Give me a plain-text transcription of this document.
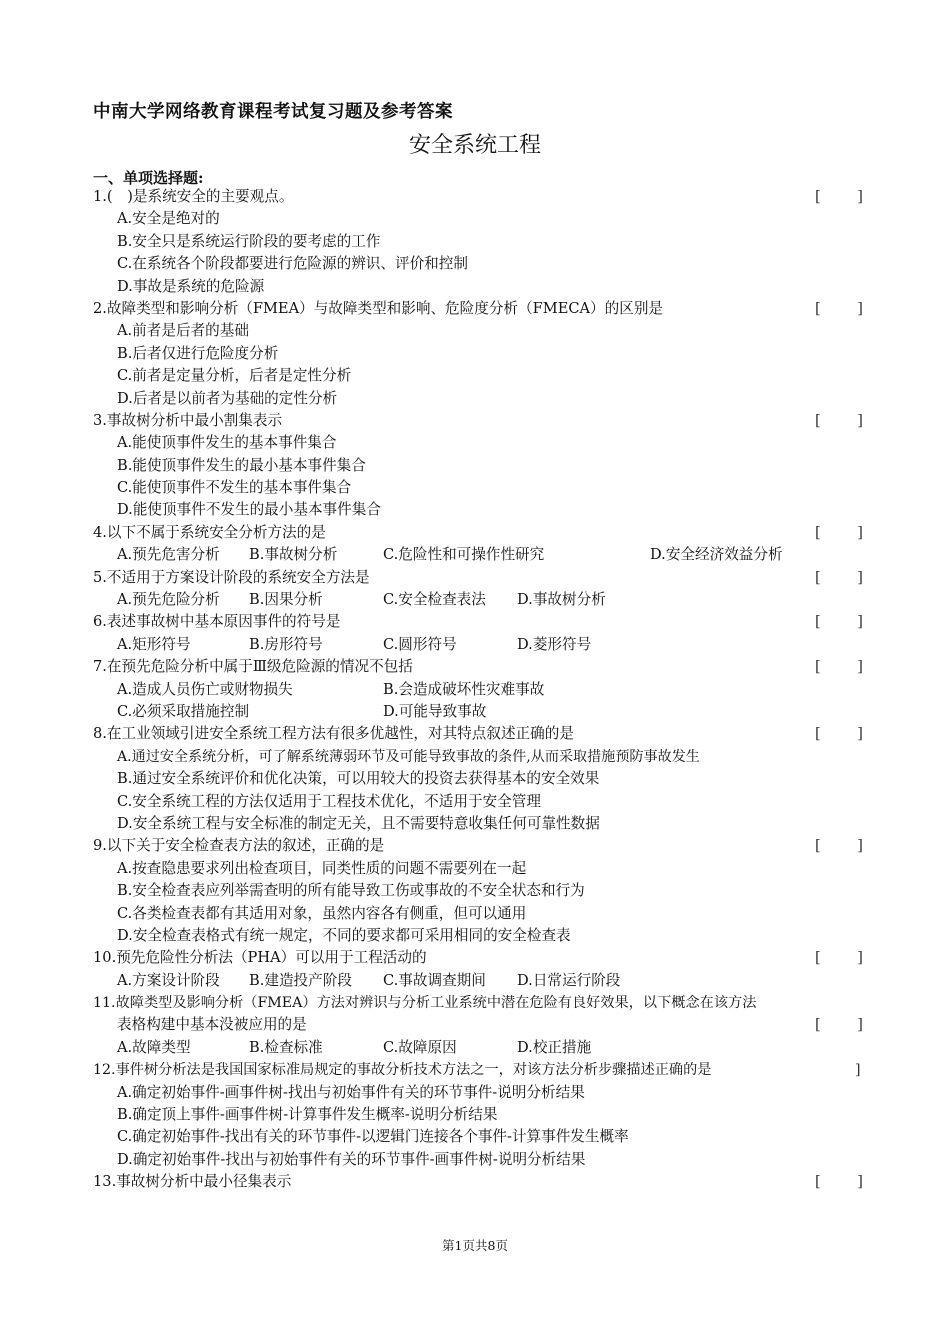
中南大学网络教育课程考试复习题及参考答案
安全系统工程
一、单项选择题:
1.(　)是系统安全的主要观点。	[	]
A.安全是绝对的
B.安全只是系统运行阶段的要考虑的工作
C.在系统各个阶段都要进行危险源的辨识、评价和控制
D.事故是系统的危险源
2.故障类型和影响分析（FMEA）与故障类型和影响、危险度分析（FMECA）的区别是	[	]
A.前者是后者的基础
B.后者仅进行危险度分析
C.前者是定量分析，后者是定性分析
D.后者是以前者为基础的定性分析
3.事故树分析中最小割集表示	[	]
A.能使顶事件发生的基本事件集合
B.能使顶事件发生的最小基本事件集合
C.能使顶事件不发生的基本事件集合
D.能使顶事件不发生的最小基本事件集合
4.以下不属于系统安全分析方法的是	[	]
A.预先危害分析 B.事故树分析	C.危险性和可操作性研究	D.安全经济效益分析
5.不适用于方案设计阶段的系统安全方法是	[	]
A.预先危险分析 B.因果分析	C.安全检查表法 D.事故树分析
6.表述事故树中基本原因事件的符号是	[	]
A.矩形符号	B.房形符号	C.圆形符号	D.菱形符号
7.在预先危险分析中属于Ⅲ级危险源的情况不包括	[	]
A.造成人员伤亡或财物损失	B.会造成破坏性灾难事故
C.必须采取措施控制	D.可能导致事故
8.在工业领域引进安全系统工程方法有很多优越性，对其特点叙述正确的是	[	]
A.通过安全系统分析，可了解系统薄弱环节及可能导致事故的条件,从而采取措施预防事故发生
B.通过安全系统评价和优化决策，可以用较大的投资去获得基本的安全效果
C.安全系统工程的方法仅适用于工程技术优化，不适用于安全管理
D.安全系统工程与安全标准的制定无关，且不需要特意收集任何可靠性数据
9.以下关于安全检查表方法的叙述，正确的是	[	]
A.按查隐患要求列出检查项目，同类性质的问题不需要列在一起
B.安全检查表应列举需查明的所有能导致工伤或事故的不安全状态和行为
C.各类检查表都有其适用对象，虽然内容各有侧重，但可以通用
D.安全检查表格式有统一规定，不同的要求都可采用相同的安全检查表
10.预先危险性分析法（PHA）可以用于工程活动的	[	]
A.方案设计阶段 B.建造投产阶段 C.事故调查期间 D.日常运行阶段
11.故障类型及影响分析（FMEA）方法对辨识与分析工业系统中潜在危险有良好效果，以下概念在该方法
表格构建中基本没被应用的是	[	]
A.故障类型	B.检查标准	C.故障原因	D.校正措施
12.事件树分析法是我国国家标准局规定的事故分析技术方法之一，对该方法分析步骤描述正确的是	]
A.确定初始事件-画事件树-找出与初始事件有关的环节事件-说明分析结果
B.确定顶上事件-画事件树-计算事件发生概率-说明分析结果
C.确定初始事件-找出有关的环节事件-以逻辑门连接各个事件-计算事件发生概率
D.确定初始事件-找出与初始事件有关的环节事件-画事件树-说明分析结果
13.事故树分析中最小径集表示	[	]
第1页共8页
